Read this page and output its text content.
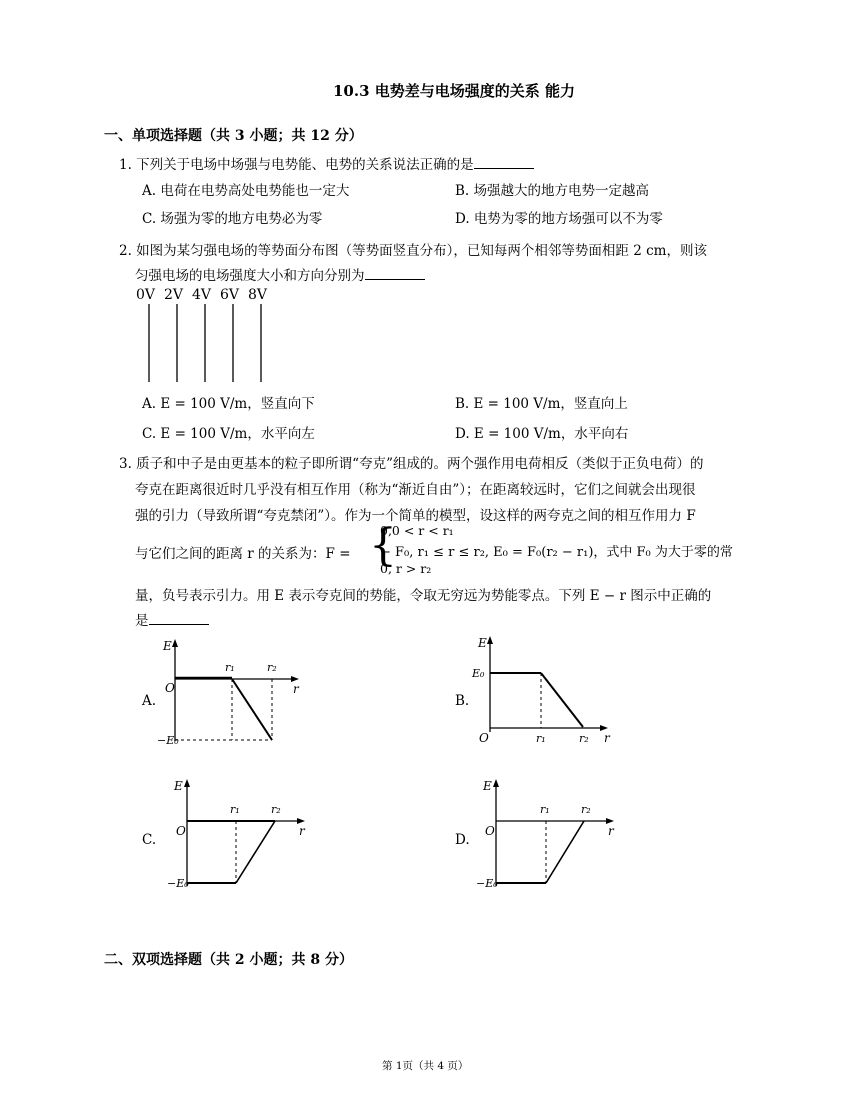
10.3 电势差与电场强度的关系 能力
一、单项选择题（共 3 小题；共 12 分）
1. 下列关于电场中场强与电势能、电势的关系说法正确的是
A. 电荷在电势高处电势能也一定大	B. 场强越大的地方电势一定越高
C. 场强为零的地方电势必为零	D. 电势为零的地方场强可以不为零
2. 如图为某匀强电场的等势面分布图（等势面竖直分布），已知每两个相邻等势面相距 2 cm，则该
匀强电场的电场强度大小和方向分别为
0V 2V 4V 6V 8V
A. E = 100 V/m，竖直向下	B. E = 100 V/m，竖直向上
C. E = 100 V/m，水平向左	D. E = 100 V/m，水平向右
3. 质子和中子是由更基本的粒子即所谓“夸克”组成的。两个强作用电荷相反（类似于正负电荷）的
夸克在距离很近时几乎没有相互作用（称为“渐近自由”）；在距离较远时，它们之间就会出现很
强的引力（导致所谓“夸克禁闭”）。作为一个简单的模型，设这样的两夸克之间的相互作用力 F
与它们之间的距离 r 的关系为：F = {
0,0 < r < r₁
− F₀, r₁ ≤ r ≤ r₂, E₀ = F₀(r₂ − r₁)，式中 F₀ 为大于零的常
0, r > r₂
量，负号表示引力。用 E 表示夸克间的势能，令取无穷远为势能零点。下列 E − r 图示中正确的
是
A.
E
O	r
r₁	r₂
−E₀
B.
E
O	r
E₀
r₁	r₂
C.
E
O	r
r₁	r₂
−E₀
D.
E
O	r
r₁	r₂
−E₀
二、双项选择题（共 2 小题；共 8 分）
第 1页（共 4 页）
